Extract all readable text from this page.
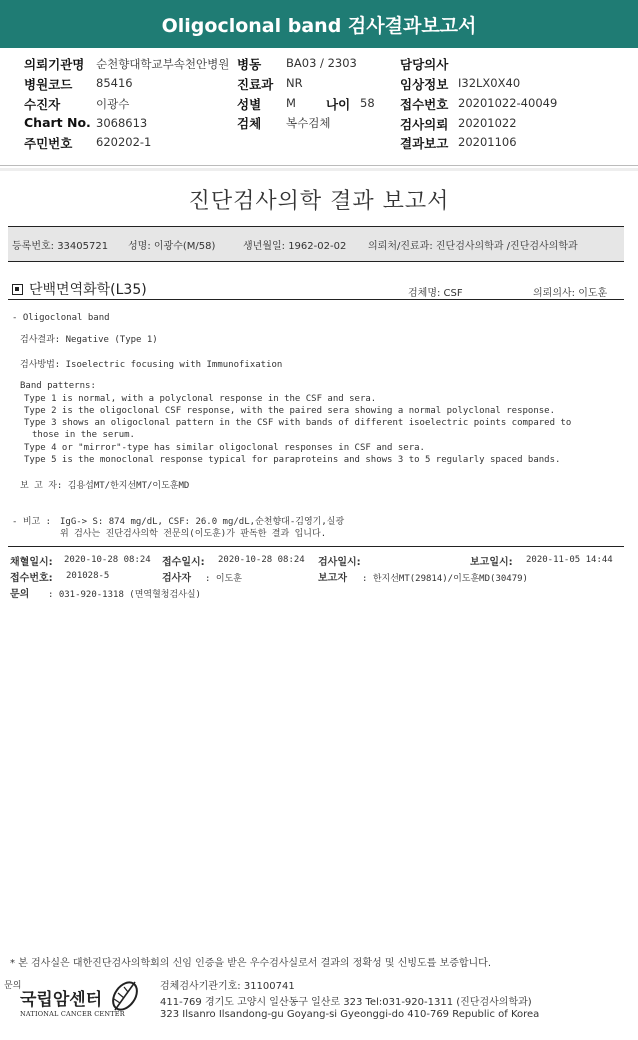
Oligoclonal band 검사결과보고서
의뢰기관명 순천향대학교부속천안병원 병동 BA03 / 2303	담당의사
병원코드 85416	진료과 NR	임상정보 I32LX0X40
수진자	이광수	성별 M 나이 58 접수번호 20201022-40049
Chart No. 3068613	검체 복수검체	검사의뢰 20201022
주민번호 620202-1	결과보고 20201106
진단검사의학 결과 보고서
등록번호: 33405721 성명: 이광수(M/58)	생년월일: 1962-02-02 의뢰처/진료과: 진단검사의학과 /진단검사의학과
단백면역화학(L35)	검체명: CSF	의뢰의사: 이도훈
- Oligoclonal band
검사결과: Negative (Type 1)
검사방법: Isoelectric focusing with Immunofixation
Band patterns:
Type 1 is normal, with a polyclonal response in the CSF and sera.
Type 2 is the oligoclonal CSF response, with the paired sera showing a normal polyclonal response.
Type 3 shows an oligoclonal pattern in the CSF with bands of different isoelectric points compared to
those in the serum.
Type 4 or "mirror"-type has similar oligoclonal responses in CSF and sera.
Type 5 is the monoclonal response typical for paraproteins and shows 3 to 5 regularly spaced bands.
보 고 자: 김용섭MT/한지선MT/이도훈MD
- 비고 : IgG-> S: 874 mg/dL, CSF: 26.0 mg/dL,순천향대-김영기,실광
위 검사는 진단검사의학 전문의(이도훈)가 판독한 결과 입니다.
채혈일시: 2020-10-28 08:24 접수일시: 2020-10-28 08:24 검사일시:	보고일시: 2020-11-05 14:44
접수번호: 201028-5	검사자 : 이도훈	보고자 : 한지선MT(29814)/이도훈MD(30479)
문의 : 031-920-1318 (면역혈청검사실)
* 본 검사실은 대한진단검사의학회의 신임 인증을 받은 우수검사실로서 결과의 정확성 및 신빙도를 보증합니다.
문의
국립암센터
NATIONAL CANCER CENTER
검체검사기관기호: 31100741
411-769 경기도 고양시 일산동구 일산로 323 Tel:031-920-1311 (진단검사의학과)
323 Ilsanro Ilsandong-gu Goyang-si Gyeonggi-do 410-769 Republic of Korea
